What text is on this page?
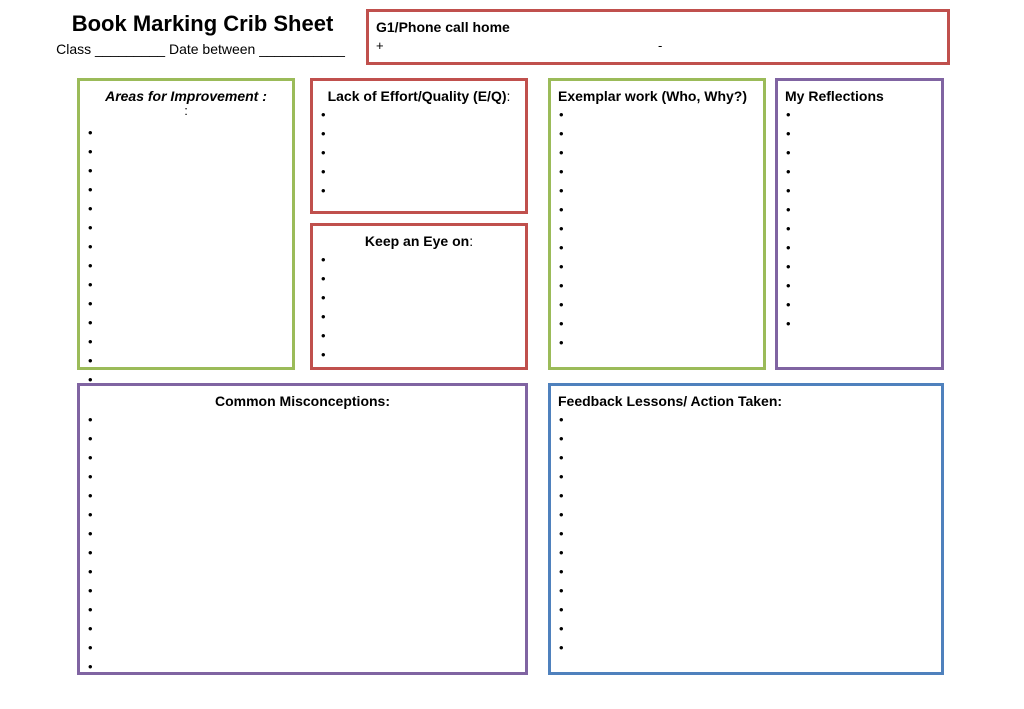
Book Marking Crib Sheet
Class _________ Date between ___________
G1/Phone call home
+	-
Areas for Improvement :
:
•
•
•
•
•
•
•
•
•
•
•
•
•
•
Lack of Effort/Quality (E/Q):
•
•
•
•
•
Keep an Eye on:
•
•
•
•
•
•
Exemplar work (Who, Why?)
•
•
•
•
•
•
•
•
•
•
•
•
•	My Reflections
•
•
•
•
•
•
•
•
•
•
•
•
Common Misconceptions:
•
•
•
•
•
•
•
•
•
•
•
•
•
•	Feedback Lessons/ Action Taken:
•
•
•
•
•
•
•
•
•
•
•
•
•
